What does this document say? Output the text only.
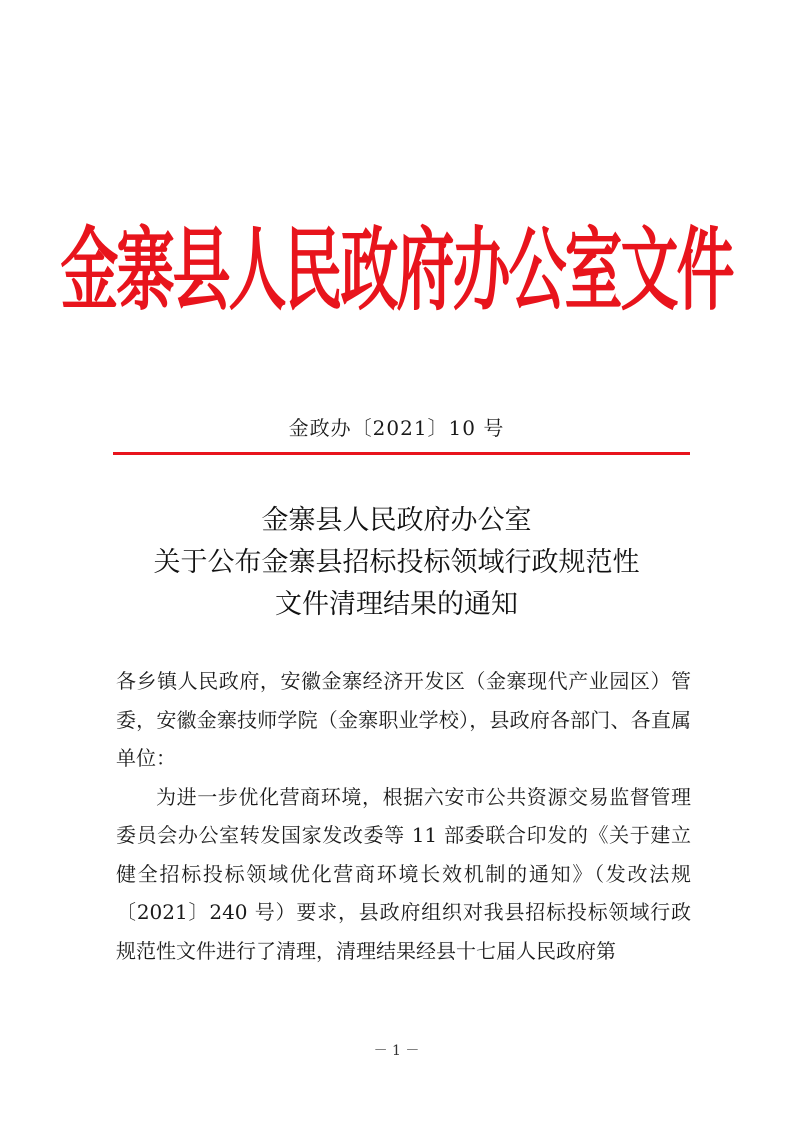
金寨县人民政府办公室文件
金政办〔2021〕10 号
金寨县人民政府办公室
关于公布金寨县招标投标领域行政规范性
文件清理结果的通知

各乡镇人民政府，安徽金寨经济开发区（金寨现代产业园区）管委，安徽金寨技师学院（金寨职业学校），县政府各部门、各直属单位：

为进一步优化营商环境，根据六安市公共资源交易监督管理委员会办公室转发国家发改委等 11 部委联合印发的《关于建立健全招标投标领域优化营商环境长效机制的通知》（发改法规〔2021〕240 号）要求，县政府组织对我县招标投标领域行政规范性文件进行了清理，清理结果经县十七届人民政府第

－ 1 －
